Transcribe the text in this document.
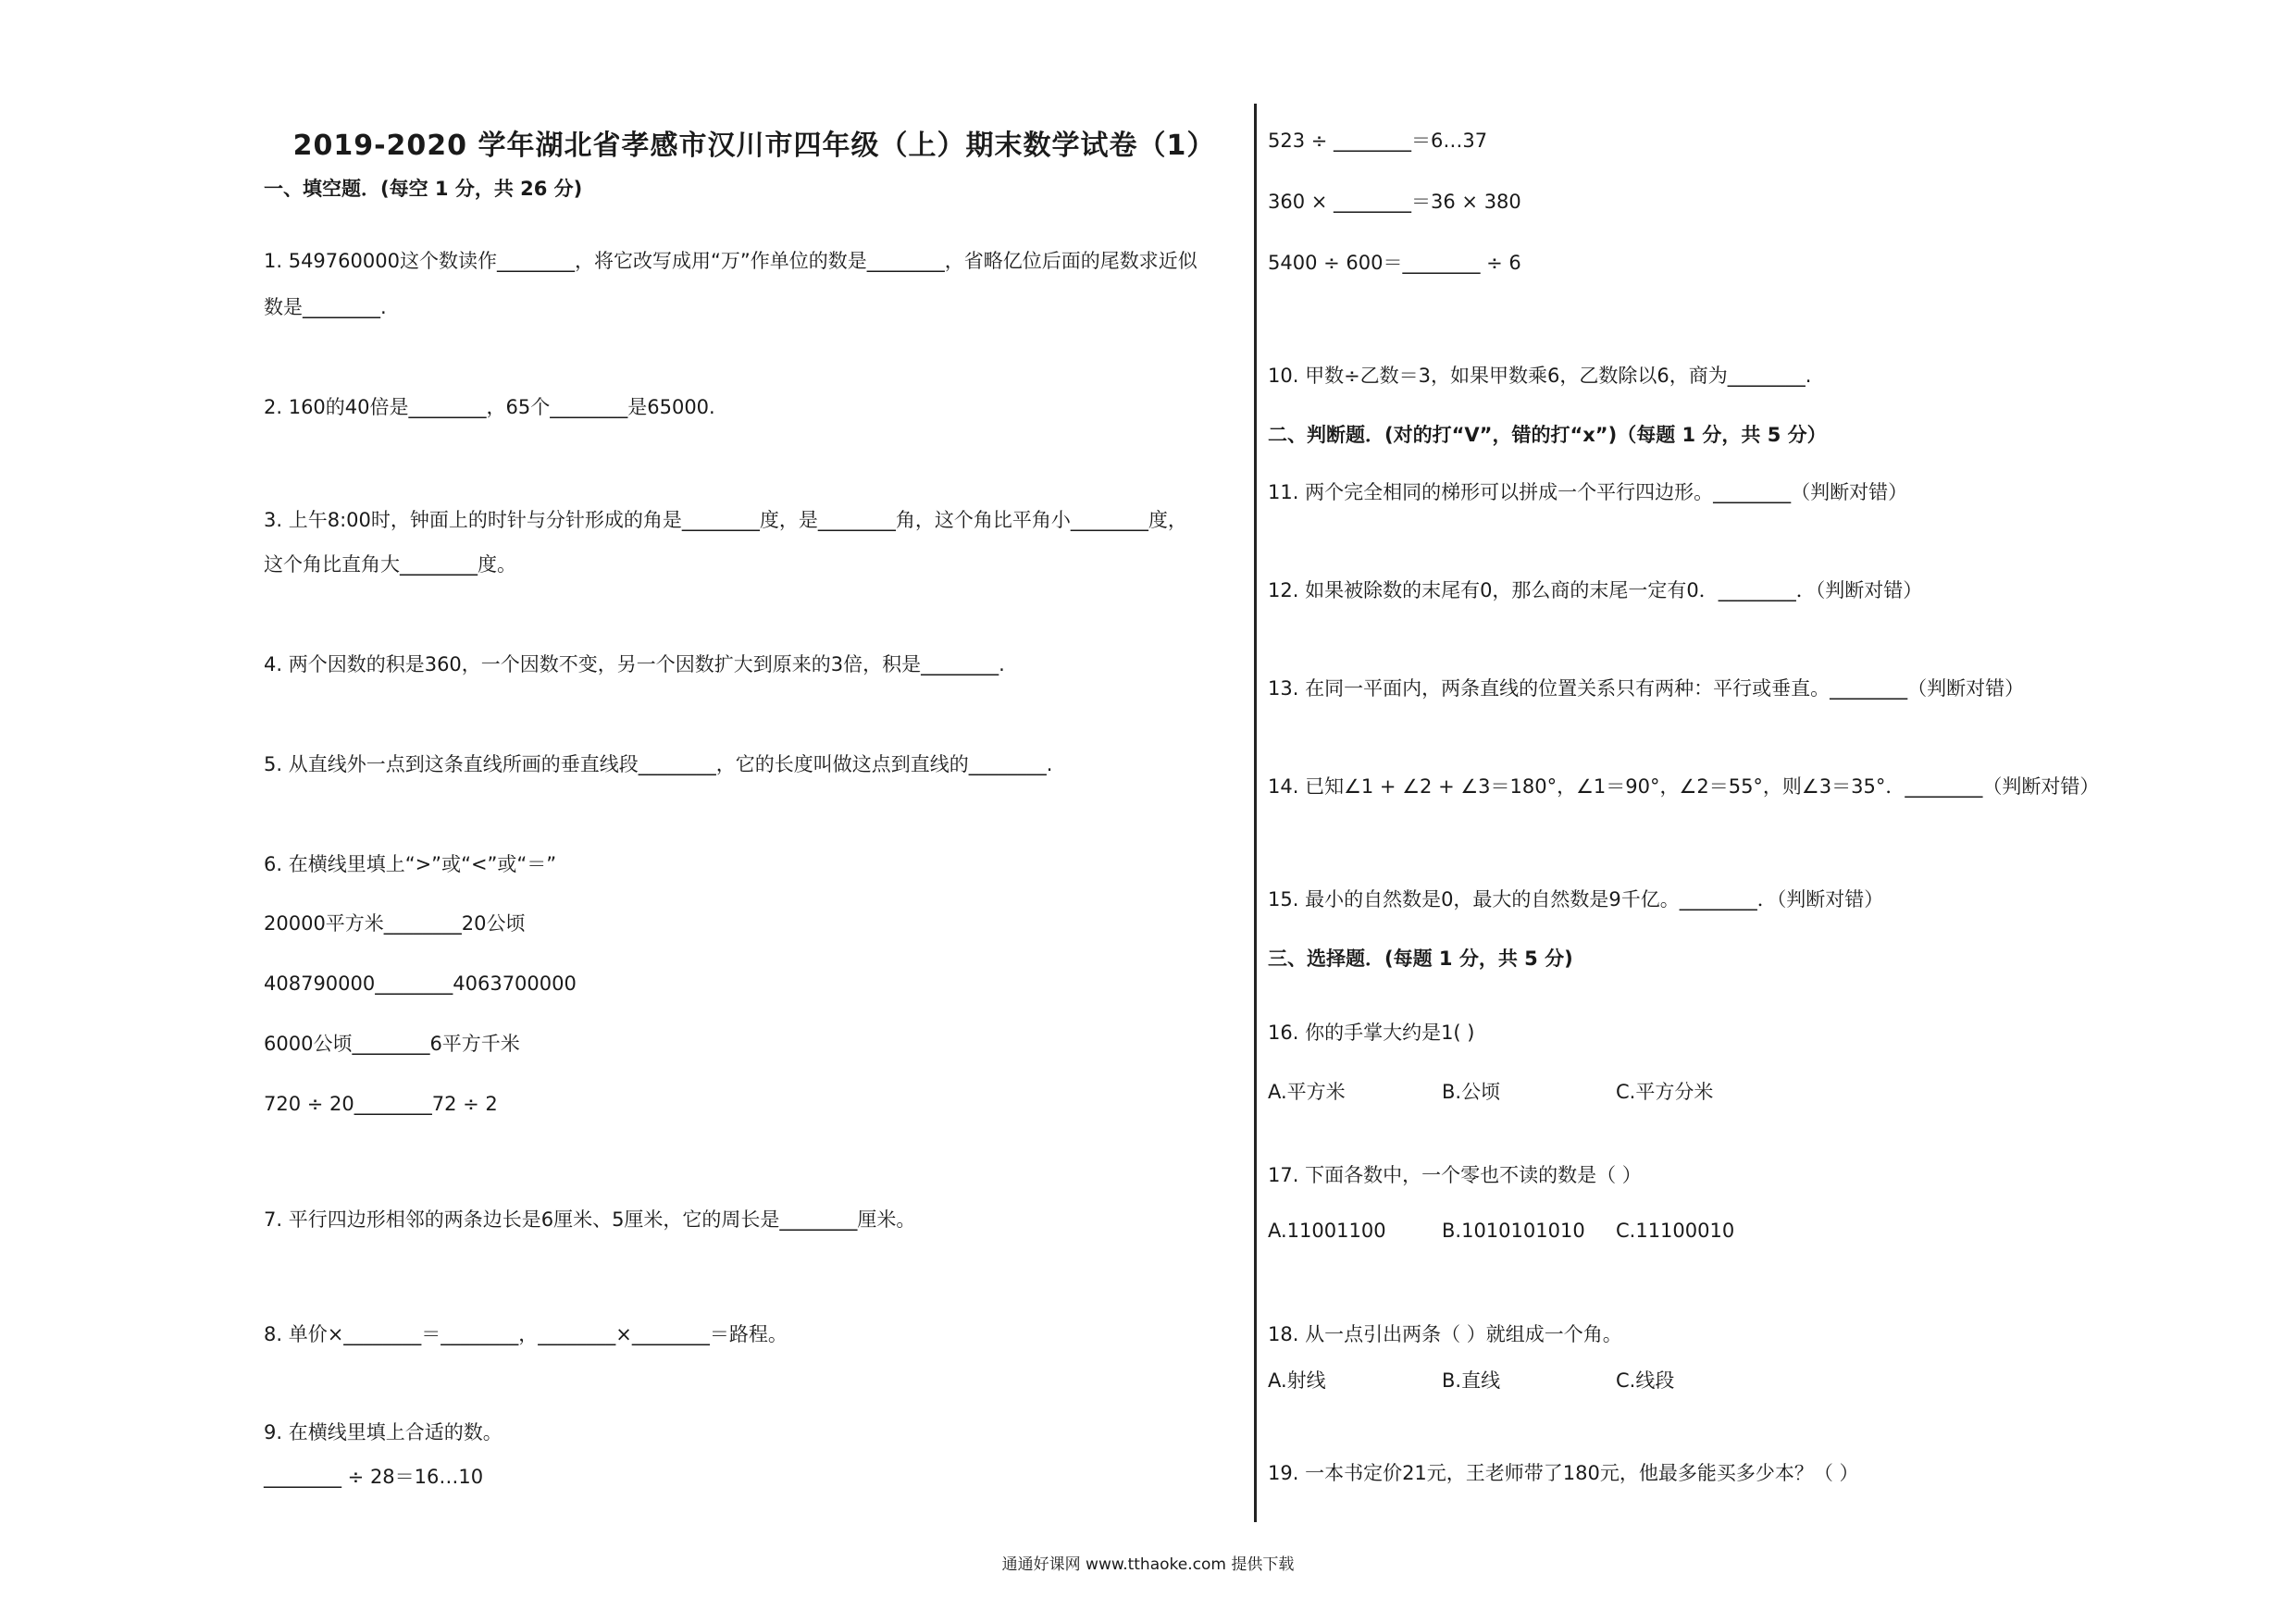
2019-2020 学年湖北省孝感市汉川市四年级（上）期末数学试卷（1）
一、填空题．(每空 1 分，共 26 分)
1. 549760000这个数读作________，将它改写成用“万”作单位的数是________，省略亿位后面的尾数求近似
数是________.
2. 160的40倍是________，65个________是65000.
3. 上午8:00时，钟面上的时针与分针形成的角是________度，是________角，这个角比平角小________度，
这个角比直角大________度。
4. 两个因数的积是360，一个因数不变，另一个因数扩大到原来的3倍，积是________.
5. 从直线外一点到这条直线所画的垂直线段________，它的长度叫做这点到直线的________.
6. 在横线里填上“>”或“<”或“＝”
20000平方米________20公顷
408790000________4063700000
6000公顷________6平方千米
720 ÷ 20________72 ÷ 2
7. 平行四边形相邻的两条边长是6厘米、5厘米，它的周长是________厘米。
8. 单价×________＝________，________×________＝路程。
9. 在横线里填上合适的数。
________ ÷ 28＝16…10
523 ÷ ________＝6…37
360 × ________＝36 × 380
5400 ÷ 600＝________ ÷ 6
10. 甲数÷乙数＝3，如果甲数乘6，乙数除以6，商为________.
二、判断题．(对的打“V”，错的打“x”)（每题 1 分，共 5 分）
11. 两个完全相同的梯形可以拼成一个平行四边形。________（判断对错）
12. 如果被除数的末尾有0，那么商的末尾一定有0．________．（判断对错）
13. 在同一平面内，两条直线的位置关系只有两种：平行或垂直。________（判断对错）
14. 已知∠1 + ∠2 + ∠3＝180°，∠1＝90°，∠2＝55°，则∠3＝35°．________（判断对错）
15. 最小的自然数是0，最大的自然数是9千亿。________．（判断对错）
三、选择题．(每题 1 分，共 5 分)
16. 你的手掌大约是1( )
A.平方米	B.公顷	C.平方分米
17. 下面各数中，一个零也不读的数是（ ）
A.11001100	B.1010101010 C.11100010
18. 从一点引出两条（ ）就组成一个角。
A.射线	B.直线	C.线段
19. 一本书定价21元，王老师带了180元，他最多能买多少本？（ ）
通通好课网 www.tthaoke.com 提供下载
